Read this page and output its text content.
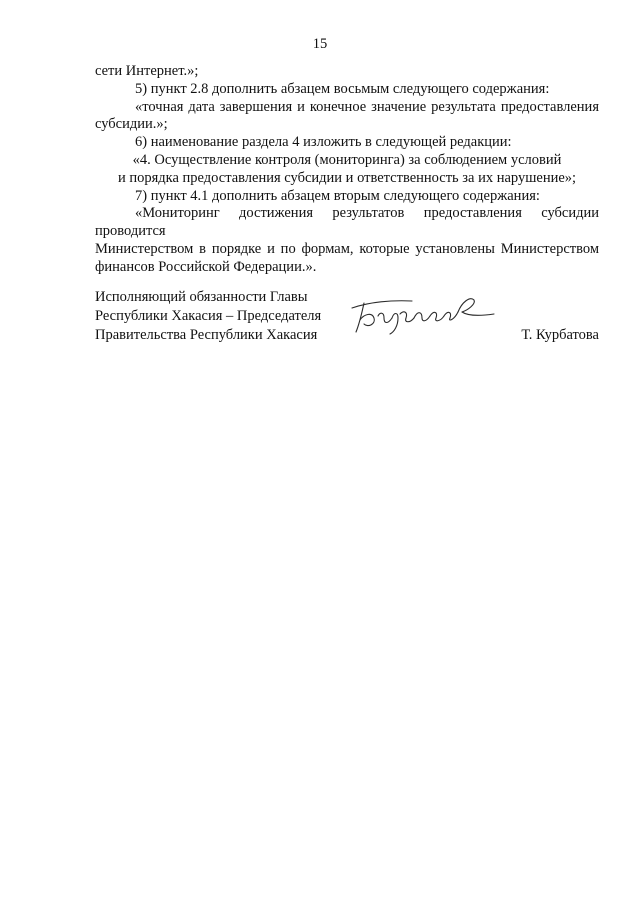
15
сети Интернет.»;
5) пункт 2.8 дополнить абзацем восьмым следующего содержания:
«точная дата завершения и конечное значение результата предоставления
субсидии.»;
6) наименование раздела 4 изложить в следующей редакции:
«4. Осуществление контроля (мониторинга) за соблюдением условий
и порядка предоставления субсидии и ответственность за их нарушение»;
7) пункт 4.1 дополнить абзацем вторым следующего содержания:
«Мониторинг достижения результатов предоставления субсидии проводится
Министерством в порядке и по формам, которые установлены Министерством
финансов Российской Федерации.».
Исполняющий обязанности Главы
Республики Хакасия – Председателя
Правительства Республики Хакасия	Т. Курбатова
